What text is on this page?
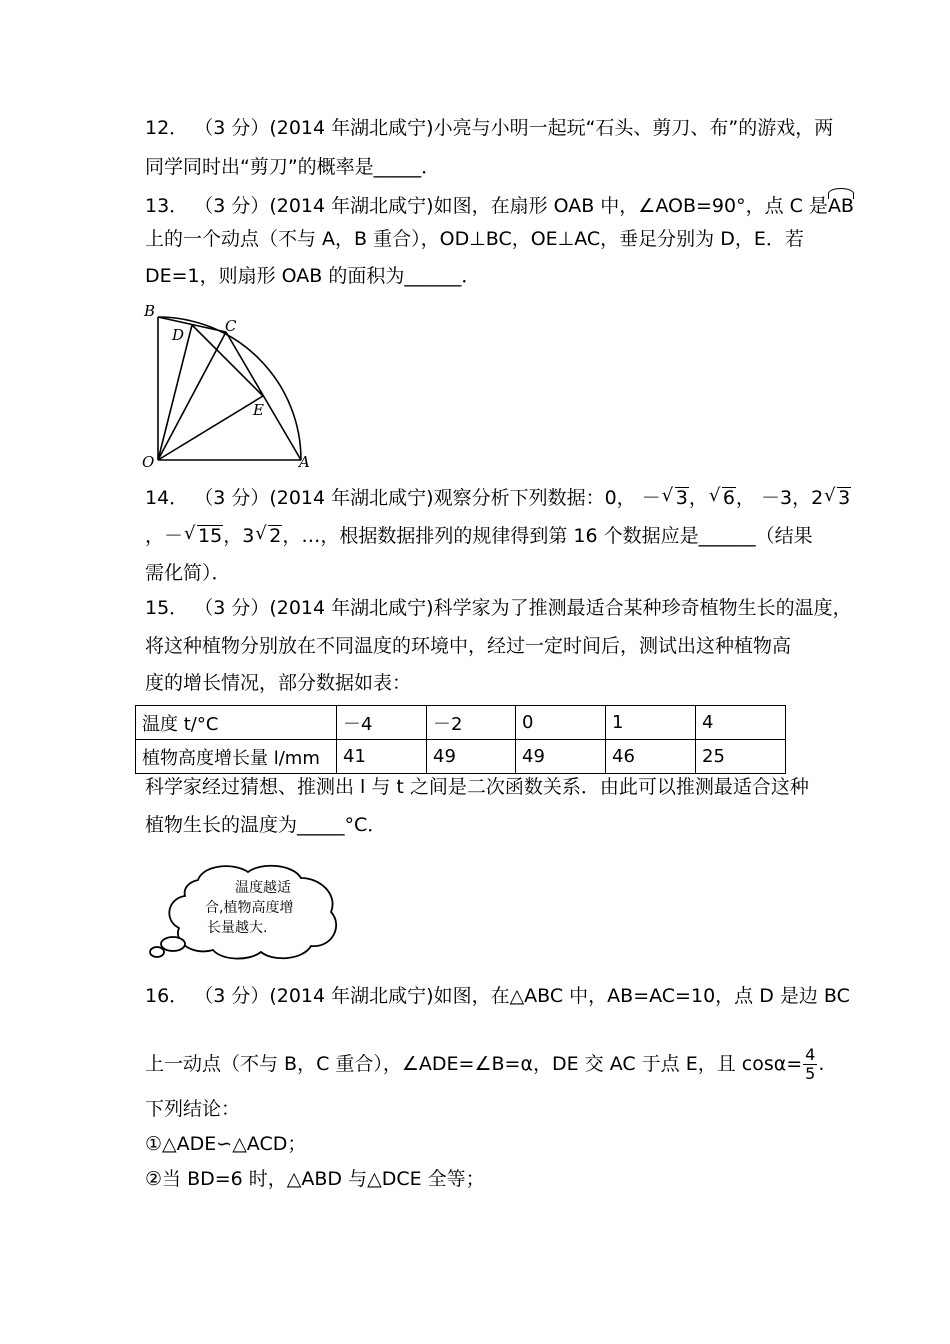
12． （3 分）(2014 年湖北咸宁)小亮与小明一起玩“石头、剪刀、布”的游戏，两
同学同时出“剪刀”的概率是_____．
13． （3 分）(2014 年湖北咸宁)如图，在扇形 OAB 中，∠AOB=90°，点 C 是AB
上的一个动点（不与 A，B 重合），OD⊥BC，OE⊥AC，垂足分别为 D，E．若
DE=1，则扇形 OAB 的面积为______．
B
D	C
E
O	A
14． （3 分）(2014 年湖北咸宁)观察分析下列数据：0， － √ 3， √ 6， －3，2 √ 3
，－ √ 15，3 √ 2，…，根据数据排列的规律得到第 16 个数据应是______（结果
需化简）．
15． （3 分）(2014 年湖北咸宁)科学家为了推测最适合某种珍奇植物生长的温度，
将这种植物分别放在不同温度的环境中，经过一定时间后，测试出这种植物高
度的增长情况，部分数据如表：
温度 t/°C	－4	－2	0	1	4
植物高度增长量 l/mm	41	49	49	46	25
科学家经过猜想、推测出 l 与 t 之间是二次函数关系．由此可以推测最适合这种
植物生长的温度为_____°C．
温度越适
合,植物高度增
长量越大.
16． （3 分）(2014 年湖北咸宁)如图，在△ABC 中，AB=AC=10，点 D 是边 BC
上一动点（不与 B，C 重合），∠ADE=∠B=α，DE 交 AC 于点 E，且 $\cos\alpha= \frac{4}{5}$ .
下列结论：
①△ADE∽△ACD；
②当 BD=6 时，△ABD 与△DCE 全等；
